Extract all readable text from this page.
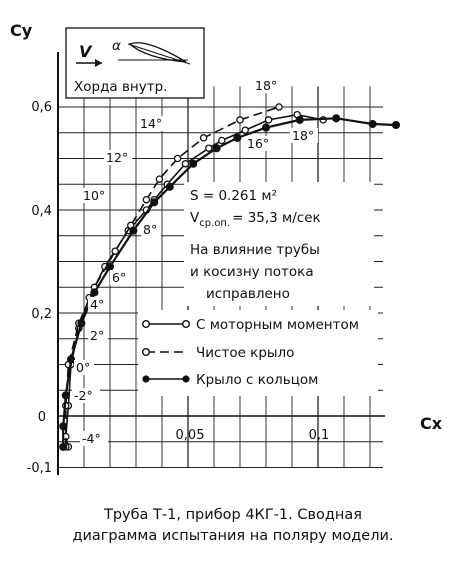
Cy
Cx
0,6
0,4
0,2
0
-0,1
0,05	0,1
V α
Хорда внутр.
S = 0.261 м²
$V_{ср.оп.} = 35,3$ м/сек
На влияние трубы
и косизну потока
исправлено
С моторным моментом
Чистое крыло
Крыло с кольцом
18°
14°
16°
18°
12°
10°
8°
6°
4°
2°
0°
-2°
-4°
Труба Т-1, прибор 4КГ-1. Сводная
диаграмма испытания на поляру модели.
